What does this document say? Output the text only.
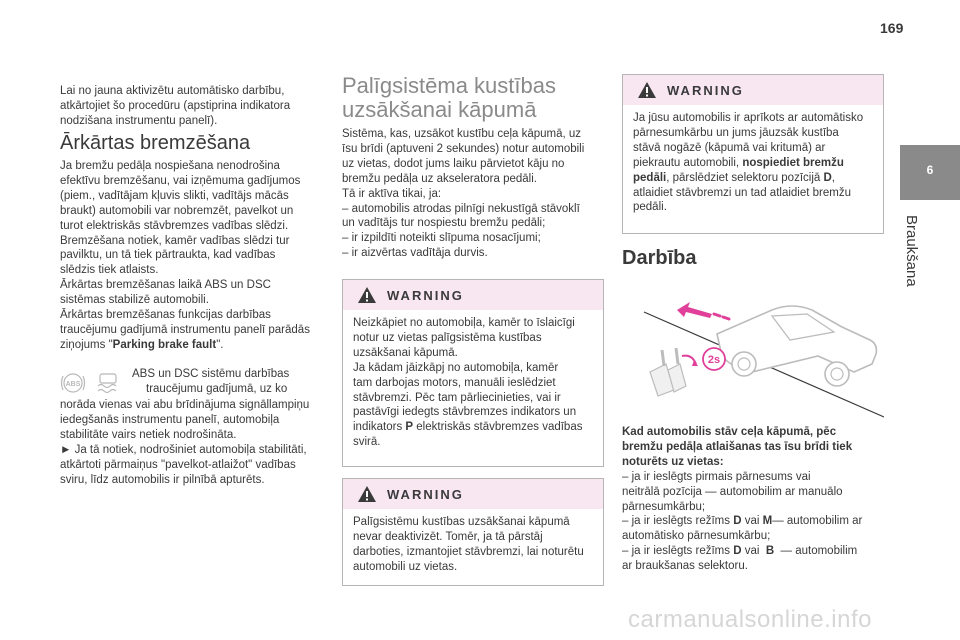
169
6
Braukšana

Lai no jauna aktivizētu automātisko darbību,

atkārtojiet šo procedūru (apstiprina indikatora

nodzišana instrumentu panelī).

Ārkārtas bremzēšana

Ja bremžu pedāļa nospiešana nenodrošina

efektīvu bremzēšanu, vai izņēmuma gadījumos

(piem., vadītājam kļuvis slikti, vadītājs mācās

braukt) automobili var nobremzēt, pavelkot un

turot elektriskās stāvbremzes vadības slēdzi.

Bremzēšana notiek, kamēr vadības slēdzi tur

pavilktu, un tā tiek pārtraukta, kad vadības

slēdzis tiek atlaists.

Ārkārtas bremzēšanas laikā ABS un DSC

sistēmas stabilizē automobili.

Ārkārtas bremzēšanas funkcijas darbības

traucējumu gadījumā instrumentu panelī parādās

ziņojums "Parking brake fault".

ABS

ABS un DSC sistēmu darbības

traucējumu gadījumā, uz ko

norāda vienas vai abu brīdinājuma signāllampiņu

iedegšanās instrumentu panelī, automobiļa

stabilitāte vairs netiek nodrošināta.

► Ja tā notiek, nodrošiniet automobiļa stabilitāti,

atkārtoti pārmaiņus "pavelkot-atlaižot" vadības

sviru, līdz automobilis ir pilnībā apturēts.

Palīgsistēma kustības
uzsākšanai kāpumā

Sistēma, kas, uzsākot kustību ceļa kāpumā, uz

īsu brīdi (aptuveni 2 sekundes) notur automobili

uz vietas, dodot jums laiku pārvietot kāju no

bremžu pedāļa uz akseleratora pedāli.

Tā ir aktīva tikai, ja:

– automobilis atrodas pilnīgi nekustīgā stāvoklī

un vadītājs tur nospiestu bremžu pedāli;

– ir izpildīti noteikti slīpuma nosacījumi;

– ir aizvērtas vadītāja durvis.

WARNING

Neizkāpiet no automobiļa, kamēr to īslaicīgi

notur uz vietas palīgsistēma kustības

uzsākšanai kāpumā.

Ja kādam jāizkāpj no automobiļa, kamēr

tam darbojas motors, manuāli ieslēdziet

stāvbremzi. Pēc tam pārliecinieties, vai ir

pastāvīgi iedegts stāvbremzes indikators un

indikators P elektriskās stāvbremzes vadības

svirā.

WARNING

Palīgsistēmu kustības uzsākšanai kāpumā

nevar deaktivizēt. Tomēr, ja tā pārstāj

darboties, izmantojiet stāvbremzi, lai noturētu

automobili uz vietas.

WARNING

Ja jūsu automobilis ir aprīkots ar automātisko

pārnesumkārbu un jums jāuzsāk kustība

stāvā nogāzē (kāpumā vai kritumā) ar

piekrautu automobili, nospiediet bremžu

pedāli, pārslēdziet selektoru pozīcijā D,

atlaidiet stāvbremzi un tad atlaidiet bremžu

pedāli.

Darbība
2s

Kad automobilis stāv ceļa kāpumā, pēc

bremžu pedāļa atlaišanas tas īsu brīdi tiek

noturēts uz vietas:

– ja ir ieslēgts pirmais pārnesums vai

neitrālā pozīcija — automobilim ar manuālo

pārnesumkārbu;

– ja ir ieslēgts režīms D vai M— automobilim ar

automātisko pārnesumkārbu;

– ja ir ieslēgts režīms D vai  B  — automobilim

ar braukšanas selektoru.

carmanualsonline.info
